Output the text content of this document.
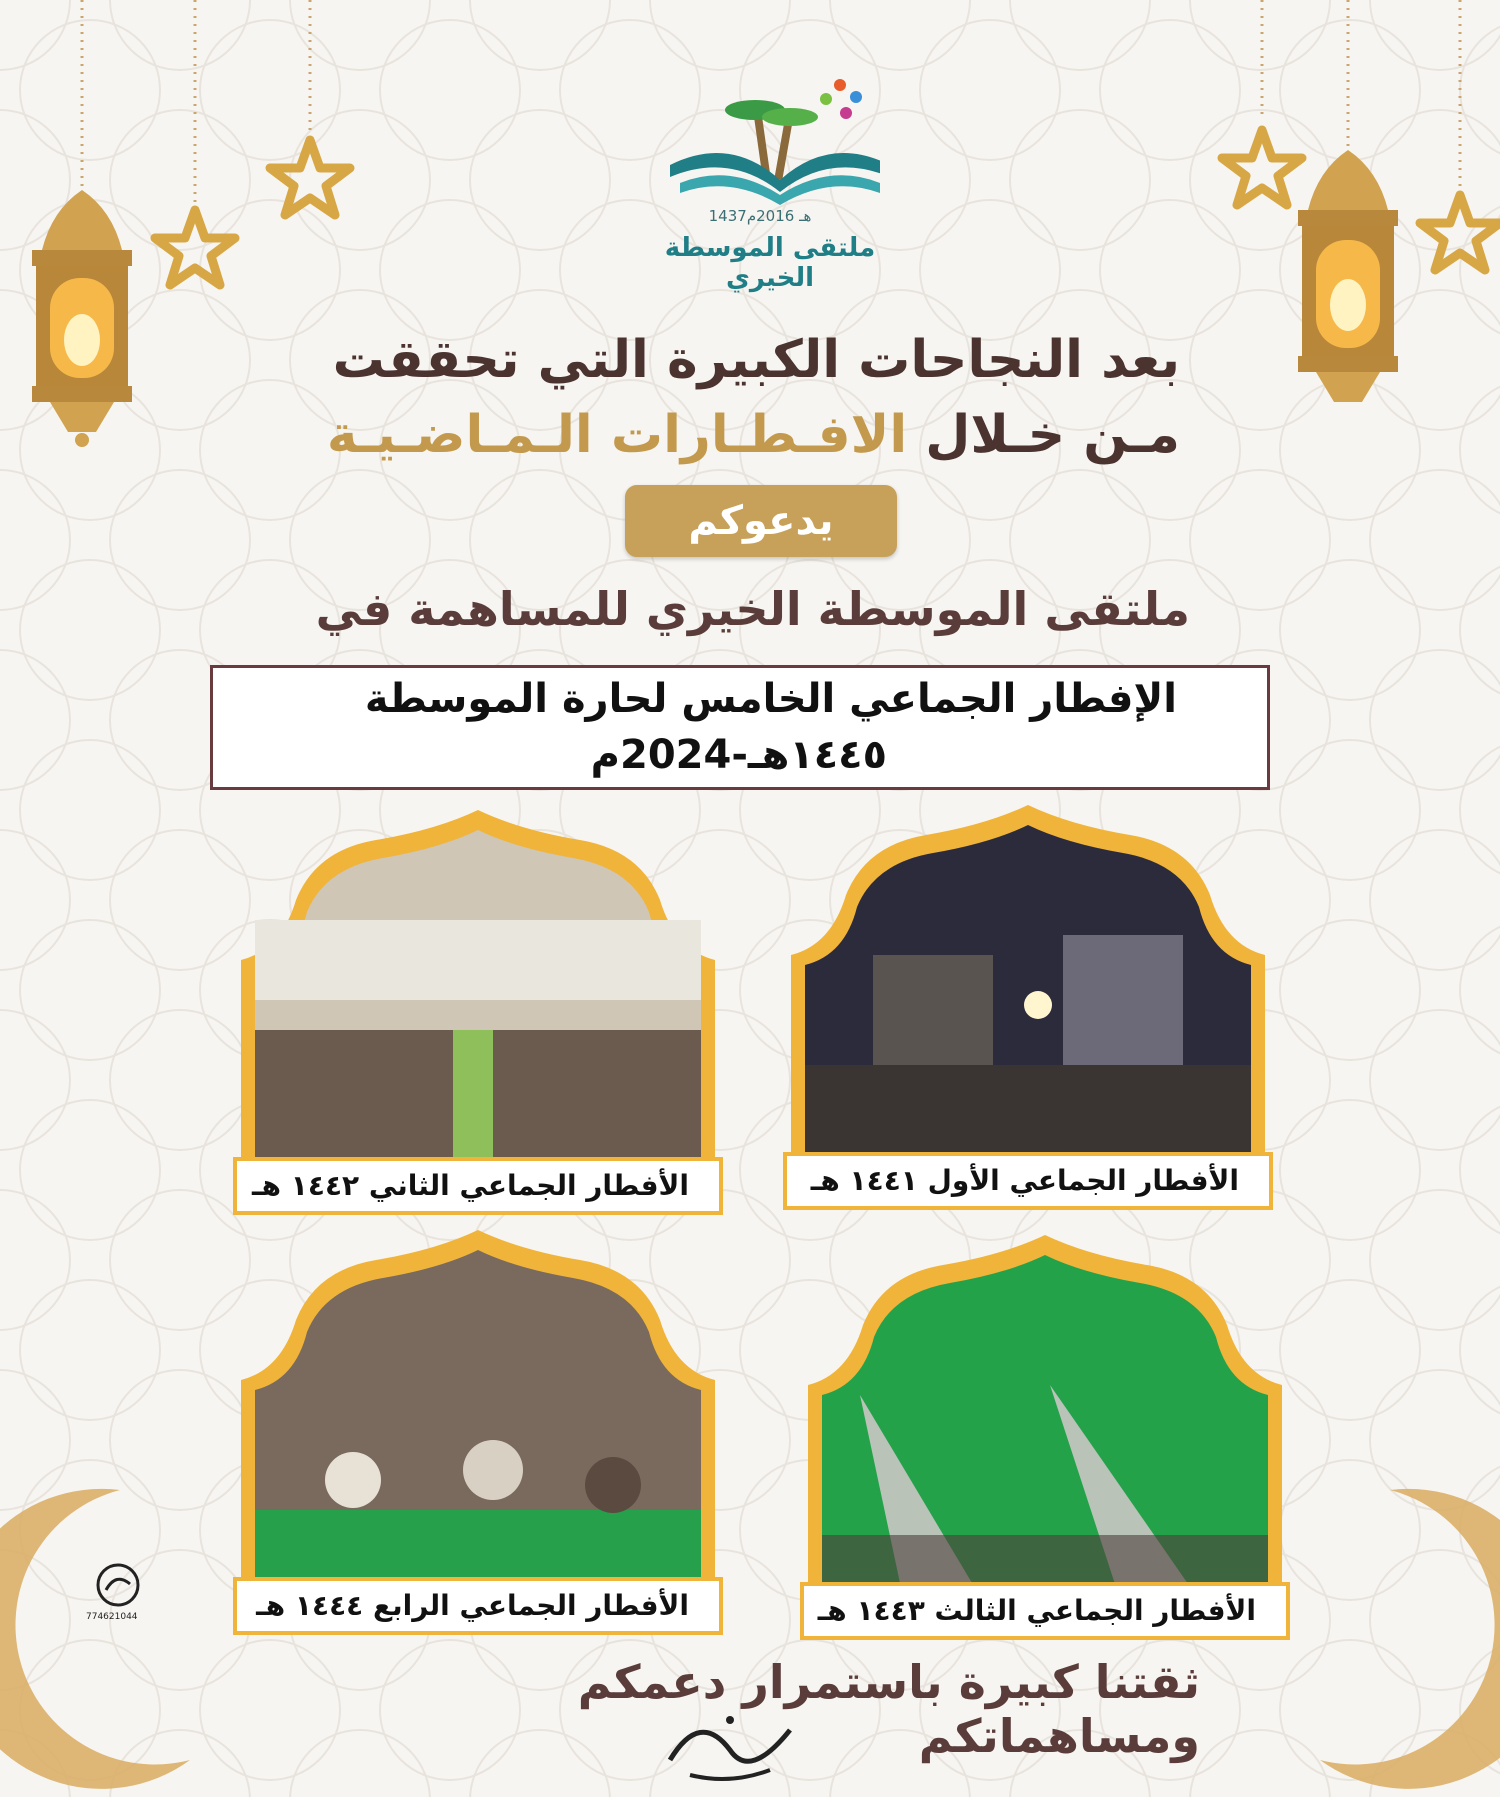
1437هـ 2016م
ملتقى الموسطة الخيري
بعد النجاحات الكبيرة التي تحققت
مـن خـلال الافـطـارات الـمـاضـيـة
يدعوكم
ملتقى الموسطة الخيري للمساهمة في
الإفطار الجماعي الخامس لحارة الموسطة
١٤٤٥هـ-2024م
الأفطار الجماعي الأول ١٤٤١ هـ
الأفطار الجماعي الثاني ١٤٤٢ هـ
الأفطار الجماعي الثالث ١٤٤٣ هـ
الأفطار الجماعي الرابع ١٤٤٤ هـ
774621044
ثقتنا كبيرة باستمرار دعمكم ومساهماتكم
